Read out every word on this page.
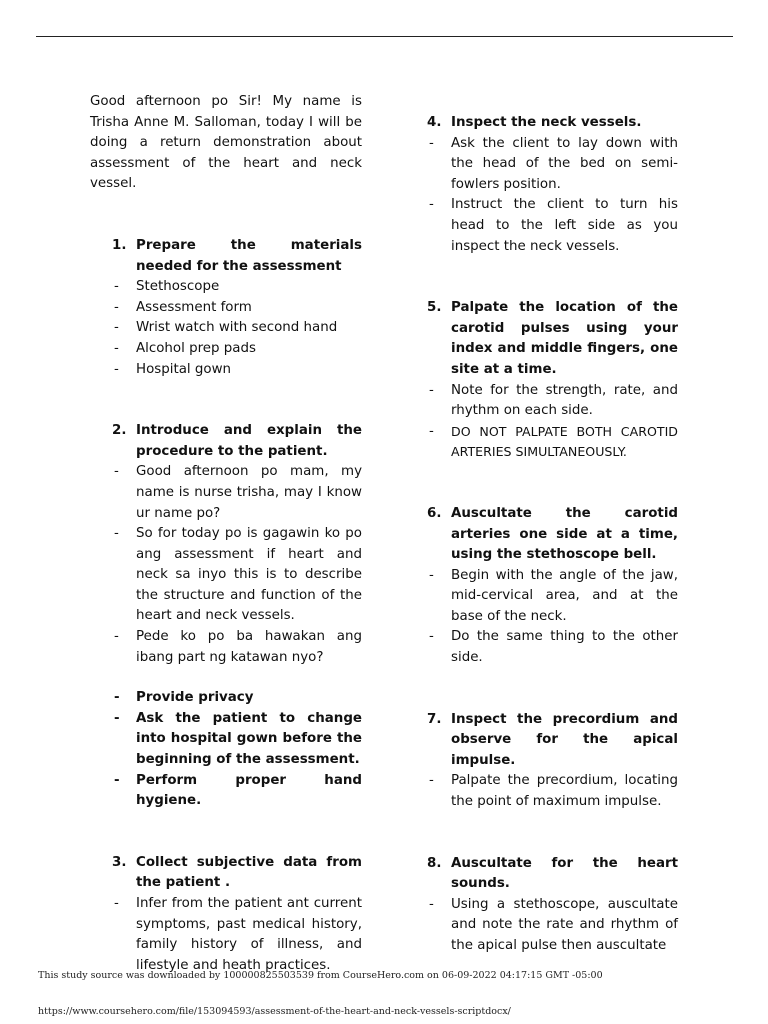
Good afternoon po Sir! My name is Trisha Anne M. Salloman, today I will be doing a return demonstration about assessment of the heart and neck vessel.

1. Prepare the materials needed for the assessment
-	Stethoscope
-	Assessment form
-	Wrist watch with second hand
-	Alcohol prep pads
-	Hospital gown
2. Introduce and explain the procedure to the patient.
-	Good afternoon po mam, my name is nurse trisha, may I know ur name po?
-	So for today po is gagawin ko po ang assessment if heart and neck sa inyo this is to describe the structure and function of the heart and neck vessels.
-	Pede ko po ba hawakan ang ibang part ng katawan nyo?
-	Provide privacy
-	Ask the patient to change into hospital gown before the beginning of the assessment.
-	Perform proper hand hygiene.
3. Collect subjective data from the patient .
-	Infer from the patient ant current symptoms, past medical history, family history of illness, and lifestyle and heath practices.
4. Inspect the neck vessels.
-	Ask the client to lay down with the head of the bed on semi-fowlers position.
-	Instruct the client to turn his head to the left side as you inspect the neck vessels.
5. Palpate the location of the carotid pulses using your index and middle fingers, one site at a time.
-	Note for the strength, rate, and rhythm on each side.
-	DO NOT PALPATE BOTH CAROTID ARTERIES SIMULTANEOUSLY.
6. Auscultate the carotid arteries one side at a time, using the stethoscope bell.
-	Begin with the angle of the jaw, mid-cervical area, and at the base of the neck.
-	Do the same thing to the other side.
7. Inspect the precordium and observe for the apical impulse.
-	Palpate the precordium, locating the point of maximum impulse.
8. Auscultate for the heart sounds.
-	Using a stethoscope, auscultate and note the rate and rhythm of the apical pulse then auscultate
This study source was downloaded by 100000825503539 from CourseHero.com on 06-09-2022 04:17:15 GMT -05:00
https://www.coursehero.com/file/153094593/assessment-of-the-heart-and-neck-vessels-scriptdocx/
